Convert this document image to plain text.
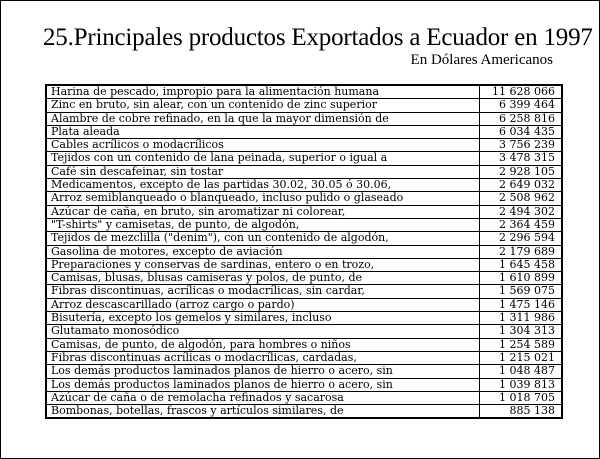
25.Principales productos Exportados a Ecuador en 1997
En Dólares Americanos
Harina de pescado, impropio para la alimentación humana	11 628 066
Zinc en bruto, sin alear, con un contenido de zinc superior	6 399 464
Alambre de cobre refinado, en la que la mayor dimensión de	6 258 816
Plata aleada	6 034 435
Cables acrílicos o modacrílicos	3 756 239
Tejidos con un contenido de lana peinada, superior o igual a	3 478 315
Café sin descafeinar, sin tostar	2 928 105
Medicamentos, excepto de las partidas 30.02, 30.05 ó 30.06,	2 649 032
Arroz semiblanqueado o blanqueado, incluso pulido o glaseado	2 508 962
Azúcar de caña, en bruto, sin aromatizar ni colorear,	2 494 302
"T-shirts" y camisetas, de punto, de algodón,	2 364 459
Tejidos de mezclilla ("denim"), con un contenido de algodón,	2 296 594
Gasolina de motores, excepto de aviación	2 179 689
Preparaciones y conservas de sardinas, entero o en trozo,	1 645 458
Camisas, blusas, blusas camiseras y polos, de punto, de	1 610 899
Fibras discontinuas, acrílicas o modacrílicas, sin cardar,	1 569 075
Arroz descascarillado (arroz cargo o pardo)	1 475 146
Bisutería, excepto los gemelos y similares, incluso	1 311 986
Glutamato monosódico	1 304 313
Camisas, de punto, de algodón, para hombres o niños	1 254 589
Fibras discontinuas acrílicas o modacrílicas, cardadas,	1 215 021
Los demás productos laminados planos de hierro o acero, sin	1 048 487
Los demás productos laminados planos de hierro o acero, sin	1 039 813
Azúcar de caña o de remolacha refinados y sacarosa	1 018 705
Bombonas, botellas, frascos y artículos similares, de	885 138
